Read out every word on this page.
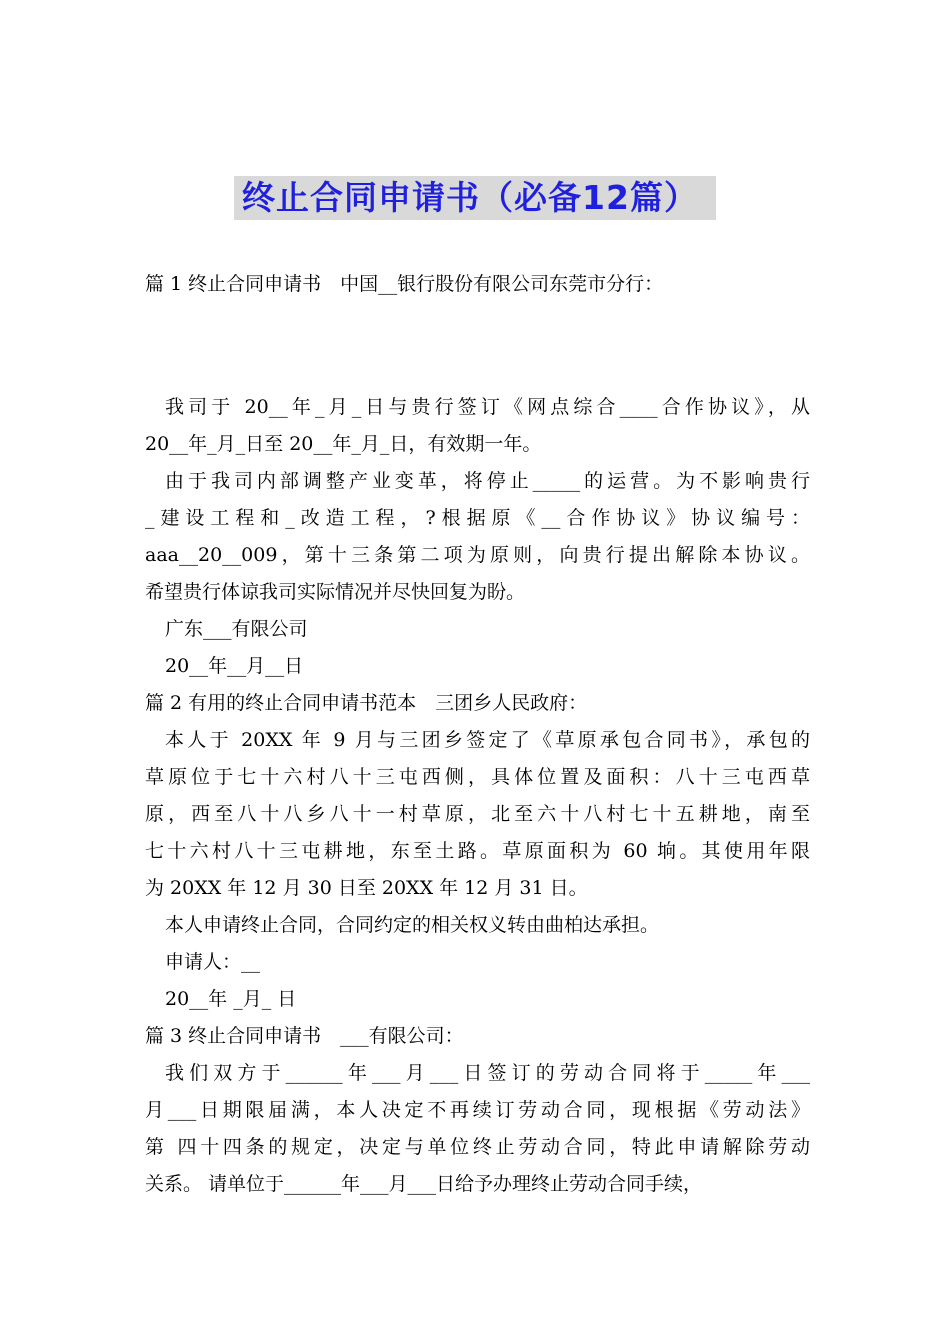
终止合同申请书（必备12篇）
篇 1 终止合同申请书　中国__银行股份有限公司东莞市分行：
我司于 20__年_月_日与贵行签订《网点综合____合作协议》，从
20__年_月_日至 20__年_月_日，有效期一年。
由于我司内部调整产业变革，将停止_____的运营。为不影响贵行
_建设工程和_改造工程，?根据原《__合作协议》协议编号：
aaa__20__009，第十三条第二项为原则，向贵行提出解除本协议。
希望贵行体谅我司实际情况并尽快回复为盼。
广东___有限公司
20__年__月__日
篇 2 有用的终止合同申请书范本　三团乡人民政府：
本人于 20XX 年 9 月与三团乡签定了《草原承包合同书》，承包的
草原位于七十六村八十三屯西侧，具体位置及面积：八十三屯西草
原，西至八十八乡八十一村草原，北至六十八村七十五耕地，南至
七十六村八十三屯耕地，东至土路。草原面积为 60 垧。其使用年限
为 20XX 年 12 月 30 日至 20XX 年 12 月 31 日。
本人申请终止合同，合同约定的相关权义转由曲柏达承担。
申请人：__
20__年 _月_ 日
篇 3 终止合同申请书　___有限公司：
我们双方于______年___月___日签订的劳动合同将于_____年___
月___日期限届满，本人决定不再续订劳动合同，现根据《劳动法》
第 四十四条的规定，决定与单位终止劳动合同，特此申请解除劳动
关系。 请单位于______年___月___日给予办理终止劳动合同手续，
